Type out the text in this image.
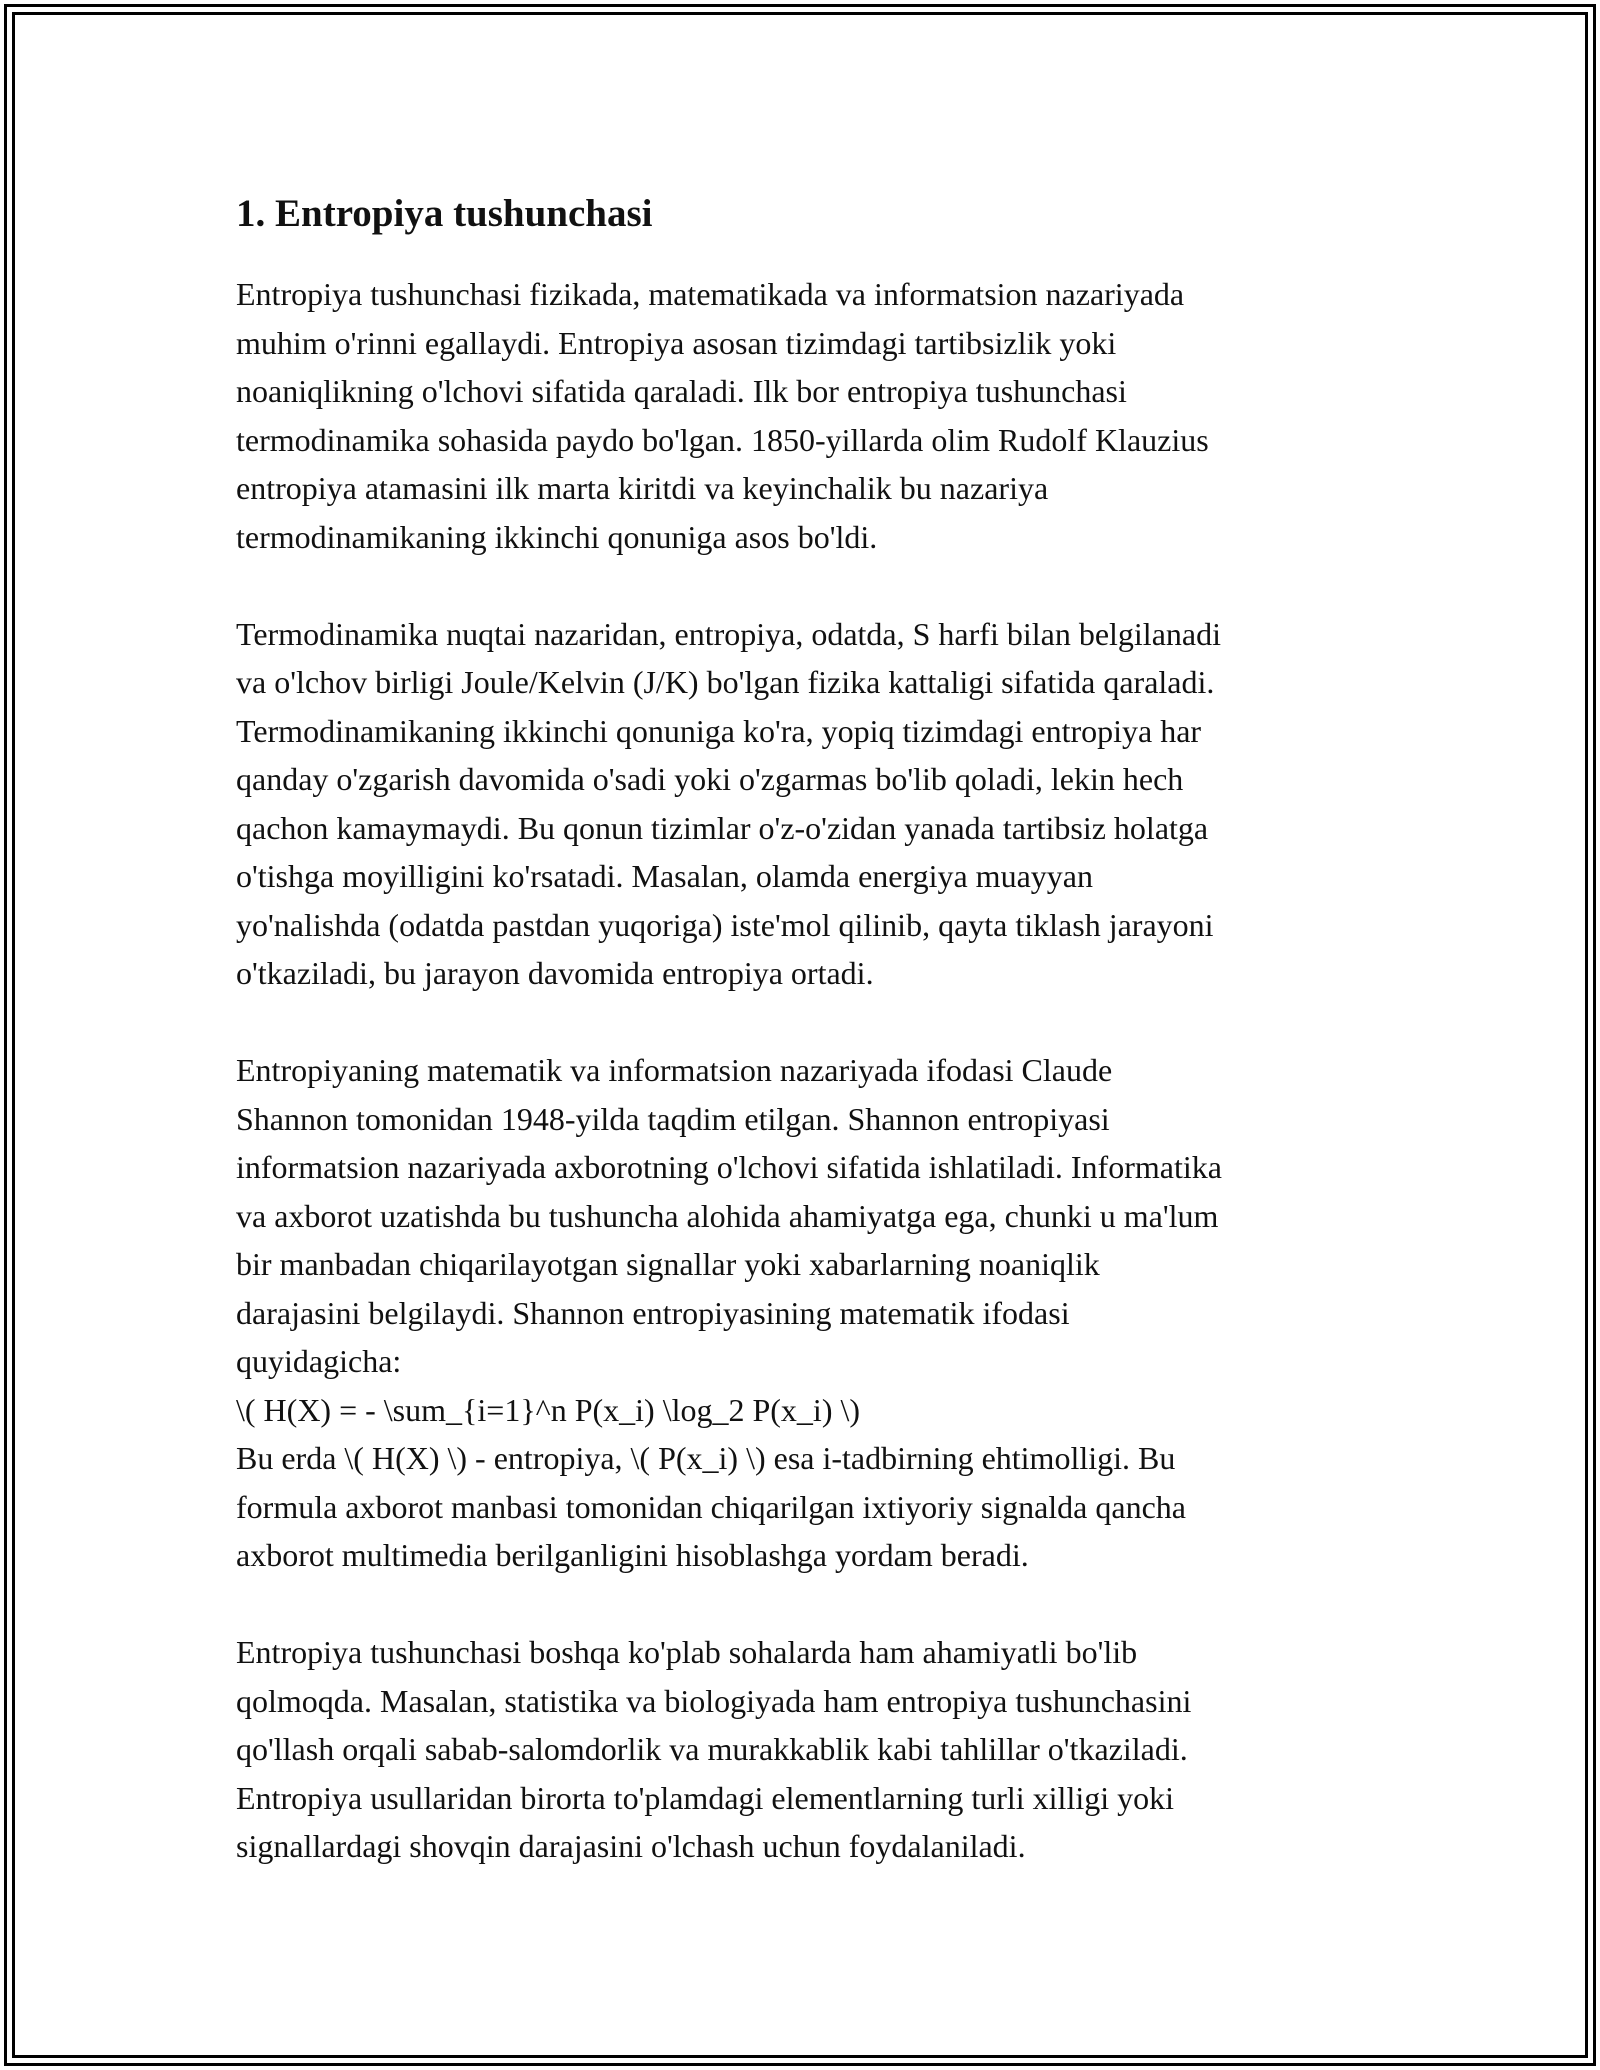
1. Entropiya tushunchasi

Entropiya tushunchasi fizikada, matematikada va informatsion nazariyada
muhim o'rinni egallaydi. Entropiya asosan tizimdagi tartibsizlik yoki
noaniqlikning o'lchovi sifatida qaraladi. Ilk bor entropiya tushunchasi
termodinamika sohasida paydo bo'lgan. 1850-yillarda olim Rudolf Klauzius
entropiya atamasini ilk marta kiritdi va keyinchalik bu nazariya
termodinamikaning ikkinchi qonuniga asos bo'ldi.

Termodinamika nuqtai nazaridan, entropiya, odatda, S harfi bilan belgilanadi
va o'lchov birligi Joule/Kelvin (J/K) bo'lgan fizika kattaligi sifatida qaraladi.
Termodinamikaning ikkinchi qonuniga ko'ra, yopiq tizimdagi entropiya har
qanday o'zgarish davomida o'sadi yoki o'zgarmas bo'lib qoladi, lekin hech
qachon kamaymaydi. Bu qonun tizimlar o'z-o'zidan yanada tartibsiz holatga
o'tishga moyilligini ko'rsatadi. Masalan, olamda energiya muayyan
yo'nalishda (odatda pastdan yuqoriga) iste'mol qilinib, qayta tiklash jarayoni
o'tkaziladi, bu jarayon davomida entropiya ortadi.

Entropiyaning matematik va informatsion nazariyada ifodasi Claude
Shannon tomonidan 1948-yilda taqdim etilgan. Shannon entropiyasi
informatsion nazariyada axborotning o'lchovi sifatida ishlatiladi. Informatika
va axborot uzatishda bu tushuncha alohida ahamiyatga ega, chunki u ma'lum
bir manbadan chiqarilayotgan signallar yoki xabarlarning noaniqlik
darajasini belgilaydi. Shannon entropiyasining matematik ifodasi
quyidagicha:
\( H(X) = - \sum_{i=1}^n P(x_i) \log_2 P(x_i) \)
Bu erda \( H(X) \) - entropiya, \( P(x_i) \) esa i-tadbirning ehtimolligi. Bu
formula axborot manbasi tomonidan chiqarilgan ixtiyoriy signalda qancha
axborot multimedia berilganligini hisoblashga yordam beradi.

Entropiya tushunchasi boshqa ko'plab sohalarda ham ahamiyatli bo'lib
qolmoqda. Masalan, statistika va biologiyada ham entropiya tushunchasini
qo'llash orqali sabab-salomdorlik va murakkablik kabi tahlillar o'tkaziladi.
Entropiya usullaridan birorta to'plamdagi elementlarning turli xilligi yoki
signallardagi shovqin darajasini o'lchash uchun foydalaniladi.
